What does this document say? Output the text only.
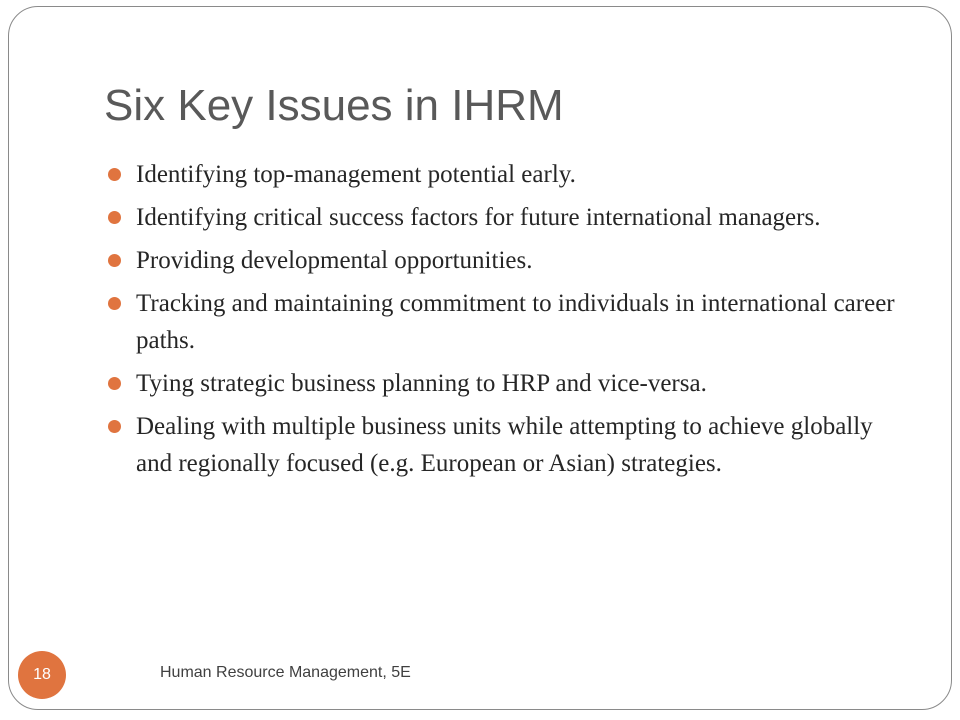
Six Key Issues in IHRM
Identifying top-management potential early.
Identifying critical success factors for future international managers.
Providing developmental opportunities.
Tracking and maintaining commitment to individuals in international career paths.
Tying strategic business planning to HRP and vice-versa.
Dealing with multiple business units while attempting to achieve globally and regionally focused (e.g. European or Asian) strategies.
18	Human Resource Management, 5E
